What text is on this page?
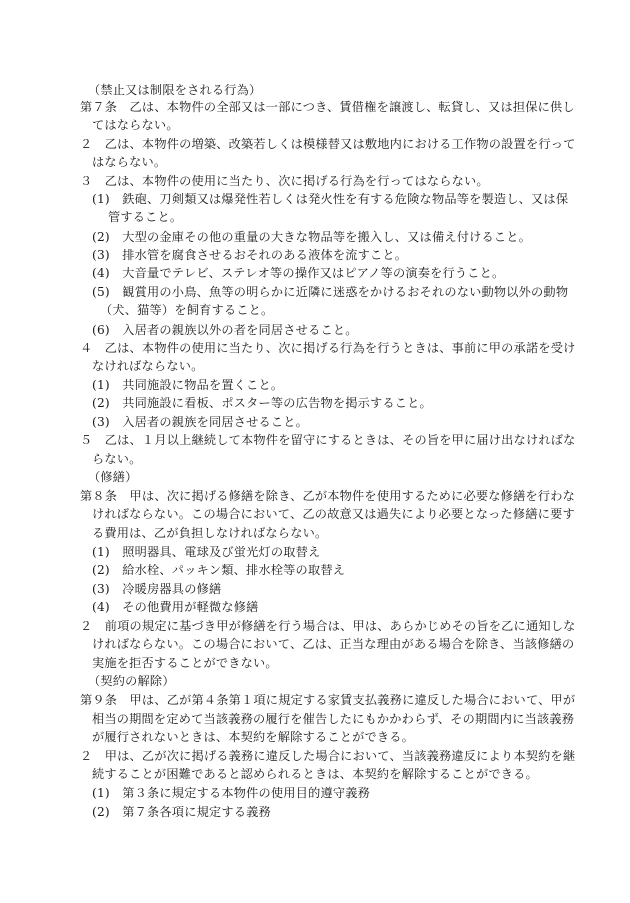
（禁止又は制限をされる行為）
第７条　乙は、本物件の全部又は一部につき、賃借権を譲渡し、転貸し、又は担保に供し
てはならない。
２　乙は、本物件の増築、改築若しくは模様替又は敷地内における工作物の設置を行って
はならない。
３　乙は、本物件の使用に当たり、次に掲げる行為を行ってはならない。
(1)　鉄砲、刀剣類又は爆発性若しくは発火性を有する危険な物品等を製造し、又は保
管すること。
(2)　大型の金庫その他の重量の大きな物品等を搬入し、又は備え付けること。
(3)　排水管を腐食させるおそれのある液体を流すこと。
(4)　大音量でテレビ、ステレオ等の操作又はピアノ等の演奏を行うこと。
(5)　観賞用の小鳥、魚等の明らかに近隣に迷惑をかけるおそれのない動物以外の動物
（犬、猫等）を飼育すること。
(6)　入居者の親族以外の者を同居させること。
４　乙は、本物件の使用に当たり、次に掲げる行為を行うときは、事前に甲の承諾を受け
なければならない。
(1)　共同施設に物品を置くこと。
(2)　共同施設に看板、ポスター等の広告物を掲示すること。
(3)　入居者の親族を同居させること。
５　乙は、１月以上継続して本物件を留守にするときは、その旨を甲に届け出なければな
らない。
（修繕）
第８条　甲は、次に掲げる修繕を除き、乙が本物件を使用するために必要な修繕を行わな
ければならない。この場合において、乙の故意又は過失により必要となった修繕に要す
る費用は、乙が負担しなければならない。
(1)　照明器具、電球及び蛍光灯の取替え
(2)　給水栓、パッキン類、排水栓等の取替え
(3)　冷暖房器具の修繕
(4)　その他費用が軽微な修繕
２　前項の規定に基づき甲が修繕を行う場合は、甲は、あらかじめその旨を乙に通知しな
ければならない。この場合において、乙は、正当な理由がある場合を除き、当該修繕の
実施を拒否することができない。
（契約の解除）
第９条　甲は、乙が第４条第１項に規定する家賃支払義務に違反した場合において、甲が
相当の期間を定めて当該義務の履行を催告したにもかかわらず、その期間内に当該義務
が履行されないときは、本契約を解除することができる。
２　甲は、乙が次に掲げる義務に違反した場合において、当該義務違反により本契約を継
続することが困難であると認められるときは、本契約を解除することができる。
(1)　第３条に規定する本物件の使用目的遵守義務
(2)　第７条各項に規定する義務
